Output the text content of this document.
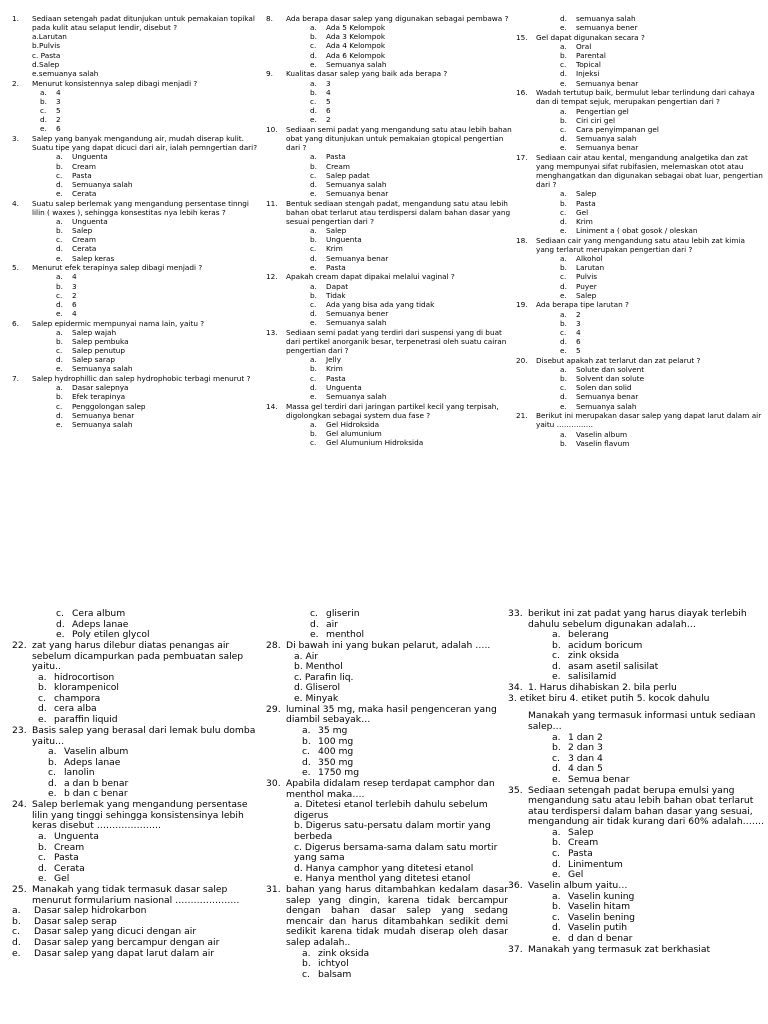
1.	Sediaan setengah padat ditunjukan untuk pemakaian topikal pada kulit atau selaput lendir, disebut ?
a.Larutan
b.Pulvis
c. Pasta
d.Salep
e.semuanya salah
2.	Menurut konsistennya salep dibagi menjadi ?
a.	4
b.	3
c.	5
d.	2
e.	6
3.	Salep yang banyak mengandung air, mudah diserap kulit. Suatu tipe yang dapat dicuci dari air, ialah pemngertian dari?
a.	Unguenta
b.	Cream
c.	Pasta
d.	Semuanya salah
e.	Cerata
4.	Suatu salep berlemak yang mengandung persentase tinngi lilin ( waxes ), sehingga konsestitas nya lebih keras ?
a.	Unguenta
b.	Salep
c.	Cream
d.	Cerata
e.	Salep keras
5.	Menurut efek terapinya salep dibagi menjadi ?
a.	4
b.	3
c.	2
d.	6
e.	4
6.	Salep epidermic mempunyai nama lain, yaitu ?
a.	Salep wajah
b.	Salep pembuka
c.	Salep penutup
d.	Salep sarap
e.	Semuanya salah
7.	Salep hydrophillic dan salep hydrophobic terbagi menurut ?
a.	Dasar salepnya
b.	Efek terapinya
c.	Penggolongan salep
d.	Semuanya benar
e.	Semuanya salah
8.	Ada berapa dasar salep yang digunakan sebagai pembawa ?
a.	Ada 5 Kelompok
b.	Ada 3 Kelompok
c.	Ada 4 Kelompok
d.	Ada 6 Kelompok
e.	Semuanya salah
9.	Kualitas dasar salep yang baik ada berapa ?
a.	3
b.	4
c.	5
d.	6
e.	2
10.	Sediaan semi padat yang mengandung satu atau lebih bahan obat yang ditunjukan untuk pemakaian gtopical pengertian dari ?
a.	Pasta
b.	Cream
c.	Salep padat
d.	Semuanya salah
e.	Semuanya benar
11.	Bentuk sediaan stengah padat, mengandung satu atau lebih bahan obat terlarut atau terdispersi dalam bahan dasar yang sesuai pengertian dari ?
a.	Salep
b.	Unguenta
c.	Krim
d.	Semuanya benar
e.	Pasta
12.	Apakah cream dapat dipakai melalui vaginal ?
a.	Dapat
b.	Tidak
c.	Ada yang bisa ada yang tidak
d.	Semuanya bener
e.	Semuanya salah
13.	Sediaan semi padat yang terdiri dari suspensi yang di buat dari pertikel anorganik besar, terpenetrasi oleh suatu cairan pengertian dari ?
a.	Jelly
b.	Krim
c.	Pasta
d.	Unguenta
e.	Semuanya salah
14.	Massa gel terdiri dari jaringan partikel kecil yang terpisah, digolongkan sebagai system dua fase ?
a.	Gel Hidroksida
b.	Gel alumunium
c.	Gel Alumunium Hidroksida
d.	semuanya salah
e.	semuanya bener
15.	Gel dapat digunakan secara ?
a.	Oral
b.	Parental
c.	Topical
d.	Injeksi
e.	Semuanya benar
16.	Wadah tertutup baik, bermulut lebar terlindung dari cahaya dan di tempat sejuk, merupakan pengertian dari ?
a.	Pengertian gel
b.	Ciri ciri gel
c.	Cara penyimpanan gel
d.	Semuanya salah
e.	Semuanya benar
17.	Sediaan cair atau kental, mengandung analgetika dan zat yang mempunyai sifat rubifasien, melemaskan otot atau menghangatkan dan digunakan sebagai obat luar, pengertian dari ?
a.	Salep
b.	Pasta
c.	Gel
d.	Krim
e.	Liniment a ( obat gosok / oleskan
18.	Sediaan cair yang mengandung satu atau lebih zat kimia yang terlarut merupakan pengertian dari ?
a.	Alkohol
b.	Larutan
c.	Pulvis
d.	Puyer
e.	Salep
19.	Ada berapa tipe larutan ?
a.	2
b.	3
c.	4
d.	6
e.	5
20.	Disebut apakah zat terlarut dan zat pelarut ?
a.	Solute dan solvent
b.	Solvent dan solute
c.	Solen dan solid
d.	Semuanya benar
e.	Semuanya salah
21.	Berikut ini merupakan dasar salep yang dapat larut dalam air yaitu ……………
a.	Vaselin album
b.	Vaselin flavum
c. Cera album
d. Adeps lanae
e. Poly etilen glycol
22. zat yang harus dilebur diatas penangas air sebelum dicampurkan pada pembuatan salep yaitu..
a. hidrocortison
b. klorampenicol
c. champora
d. cera alba
e. paraffin liquid
23. Basis salep yang berasal dari lemak bulu domba yaitu…
a. Vaselin album
b. Adeps lanae
c. lanolin
d. a dan b benar
e. b dan c benar
24. Salep berlemak yang mengandung persentase lilin yang tinggi sehingga konsistensinya lebih keras disebut …………………
a. Unguenta
b. Cream
c. Pasta
d. Cerata
e. Gel
25. Manakah yang tidak termasuk dasar salep menurut formularium nasional …………………
a.	Dasar salep hidrokarbon
b.	Dasar salep serap
c.	Dasar salep yang dicuci dengan air
d.	Dasar salep yang bercampur dengan air
e.	Dasar salep yang dapat larut dalam air
c. gliserin
d. air
e. menthol
28. Di bawah ini yang bukan pelarut, adalah …..
a. Air
b. Menthol
c. Parafin liq.
d. Gliserol
e. Minyak
29. luminal 35 mg, maka hasil pengenceran yang diambil sebayak…
a. 35 mg
b. 100 mg
c. 400 mg
d. 350 mg
e. 1750 mg
30. Apabila didalam resep terdapat camphor dan menthol maka….
a. Ditetesi etanol terlebih dahulu sebelum digerus
b. Digerus satu-persatu dalam mortir yang berbeda
c. Digerus bersama-sama dalam satu mortir yang sama
d. Hanya camphor yang ditetesi etanol
e. Hanya menthol yang ditetesi etanol
31. bahan yang harus ditambahkan kedalam dasar salep yang dingin, karena tidak bercampur dengan bahan dasar salep yang sedang mencair dan harus ditambahkan sedikit demi sedikit karena tidak mudah diserap oleh dasar salep adalah..
a. zink oksida
b. ichtyol
c. balsam
33. berikut ini zat padat yang harus diayak terlebih dahulu sebelum digunakan adalah…
a. belerang
b. acidum boricum
c. zink oksida
d. asam asetil salisilat
e. salisilamid
34. 1. Harus dihabiskan 2. bila perlu
3. etiket biru 4. etiket putih 5. kocok dahulu
Manakah yang termasuk informasi untuk sediaan salep…
a. 1 dan 2
b. 2 dan 3
c. 3 dan 4
d. 4 dan 5
e. Semua benar
35. Sediaan setengah padat berupa emulsi yang mengandung satu atau lebih bahan obat terlarut atau terdispersi dalam bahan dasar yang sesuai, mengandung air tidak kurang dari 60% adalah…….
a. Salep
b. Cream
c. Pasta
d. Linimentum
e. Gel
36. Vaselin album yaitu…
a. Vaselin kuning
b. Vaselin hitam
c. Vaselin bening
d. Vaselin putih
e. d dan d benar
37. Manakah yang termasuk zat berkhasiat
